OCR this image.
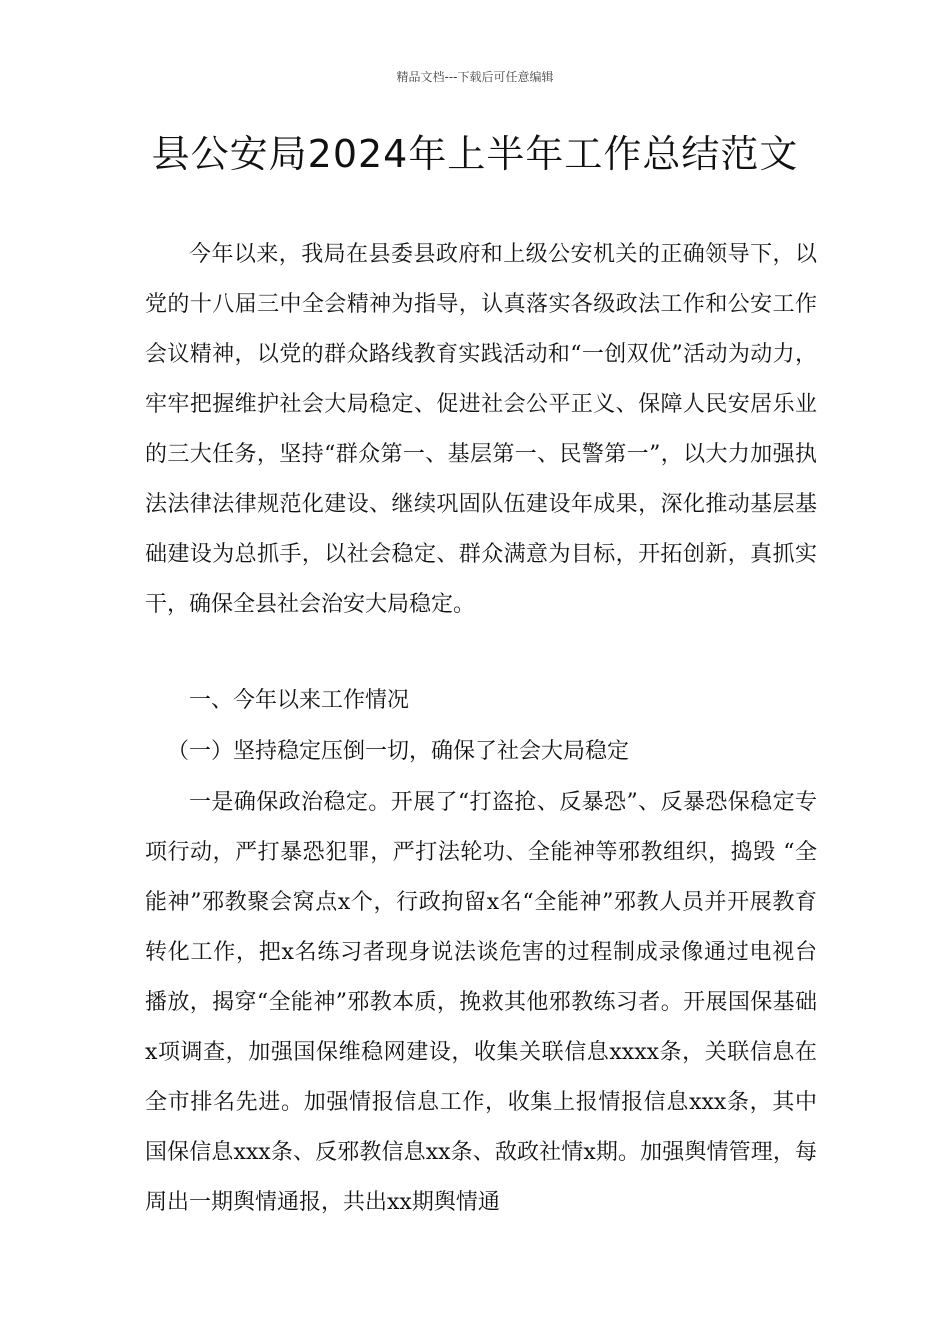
精品文档---下载后可任意编辑
县公安局2024年上半年工作总结范文

今年以来，我局在县委县政府和上级公安机关的正确领导下，以党的十八届三中全会精神为指导，认真落实各级政法工作和公安工作会议精神，以党的群众路线教育实践活动和“一创双优”活动为动力，牢牢把握维护社会大局稳定、促进社会公平正义、保障人民安居乐业的三大任务，坚持“群众第一、基层第一、民警第一”，以大力加强执法法律法律规范化建设、继续巩固队伍建设年成果，深化推动基层基础建设为总抓手，以社会稳定、群众满意为目标，开拓创新，真抓实干，确保全县社会治安大局稳定。

一、今年以来工作情况

（一）坚持稳定压倒一切，确保了社会大局稳定

一是确保政治稳定。开展了“打盗抢、反暴恐”、反暴恐保稳定专项行动，严打暴恐犯罪，严打法轮功、全能神等邪教组织，捣毁 “全能神”邪教聚会窝点x个，行政拘留x名“全能神”邪教人员并开展教育转化工作，把x名练习者现身说法谈危害的过程制成录像通过电视台播放，揭穿“全能神”邪教本质，挽救其他邪教练习者。开展国保基础x项调查，加强国保维稳网建设，收集关联信息xxxx条，关联信息在全市排名先进。加强情报信息工作，收集上报情报信息xxx条，其中国保信息xxx条、反邪教信息xx条、敌政社情x期。加强舆情管理，每周出一期舆情通报，共出xx期舆情通
